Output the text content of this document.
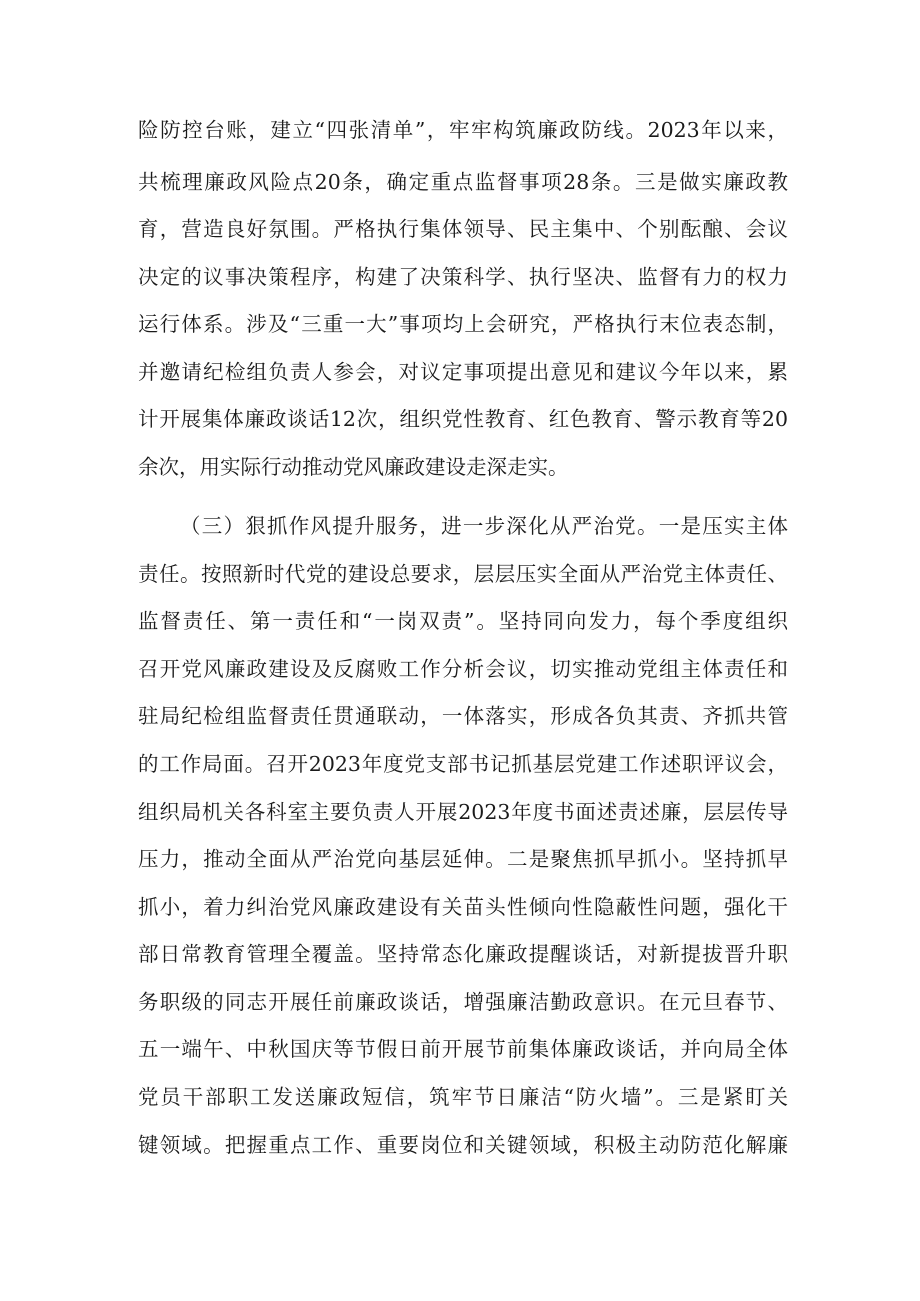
险防控台账，建立“四张清单”，牢牢构筑廉政防线。2023年以来，
共梳理廉政风险点20条，确定重点监督事项28条。三是做实廉政教
育，营造良好氛围。严格执行集体领导、民主集中、个别酝酿、会议
决定的议事决策程序，构建了决策科学、执行坚决、监督有力的权力
运行体系。涉及“三重一大”事项均上会研究，严格执行末位表态制，
并邀请纪检组负责人参会，对议定事项提出意见和建议今年以来，累
计开展集体廉政谈话12次，组织党性教育、红色教育、警示教育等20
余次，用实际行动推动党风廉政建设走深走实。
（三）狠抓作风提升服务，进一步深化从严治党。一是压实主体
责任。按照新时代党的建设总要求，层层压实全面从严治党主体责任、
监督责任、第一责任和“一岗双责”。坚持同向发力，每个季度组织
召开党风廉政建设及反腐败工作分析会议，切实推动党组主体责任和
驻局纪检组监督责任贯通联动，一体落实，形成各负其责、齐抓共管
的工作局面。召开2023年度党支部书记抓基层党建工作述职评议会，
组织局机关各科室主要负责人开展2023年度书面述责述廉，层层传导
压力，推动全面从严治党向基层延伸。二是聚焦抓早抓小。坚持抓早
抓小，着力纠治党风廉政建设有关苗头性倾向性隐蔽性问题，强化干
部日常教育管理全覆盖。坚持常态化廉政提醒谈话，对新提拔晋升职
务职级的同志开展任前廉政谈话，增强廉洁勤政意识。在元旦春节、
五一端午、中秋国庆等节假日前开展节前集体廉政谈话，并向局全体
党员干部职工发送廉政短信，筑牢节日廉洁“防火墙”。三是紧盯关
键领域。把握重点工作、重要岗位和关键领域，积极主动防范化解廉
